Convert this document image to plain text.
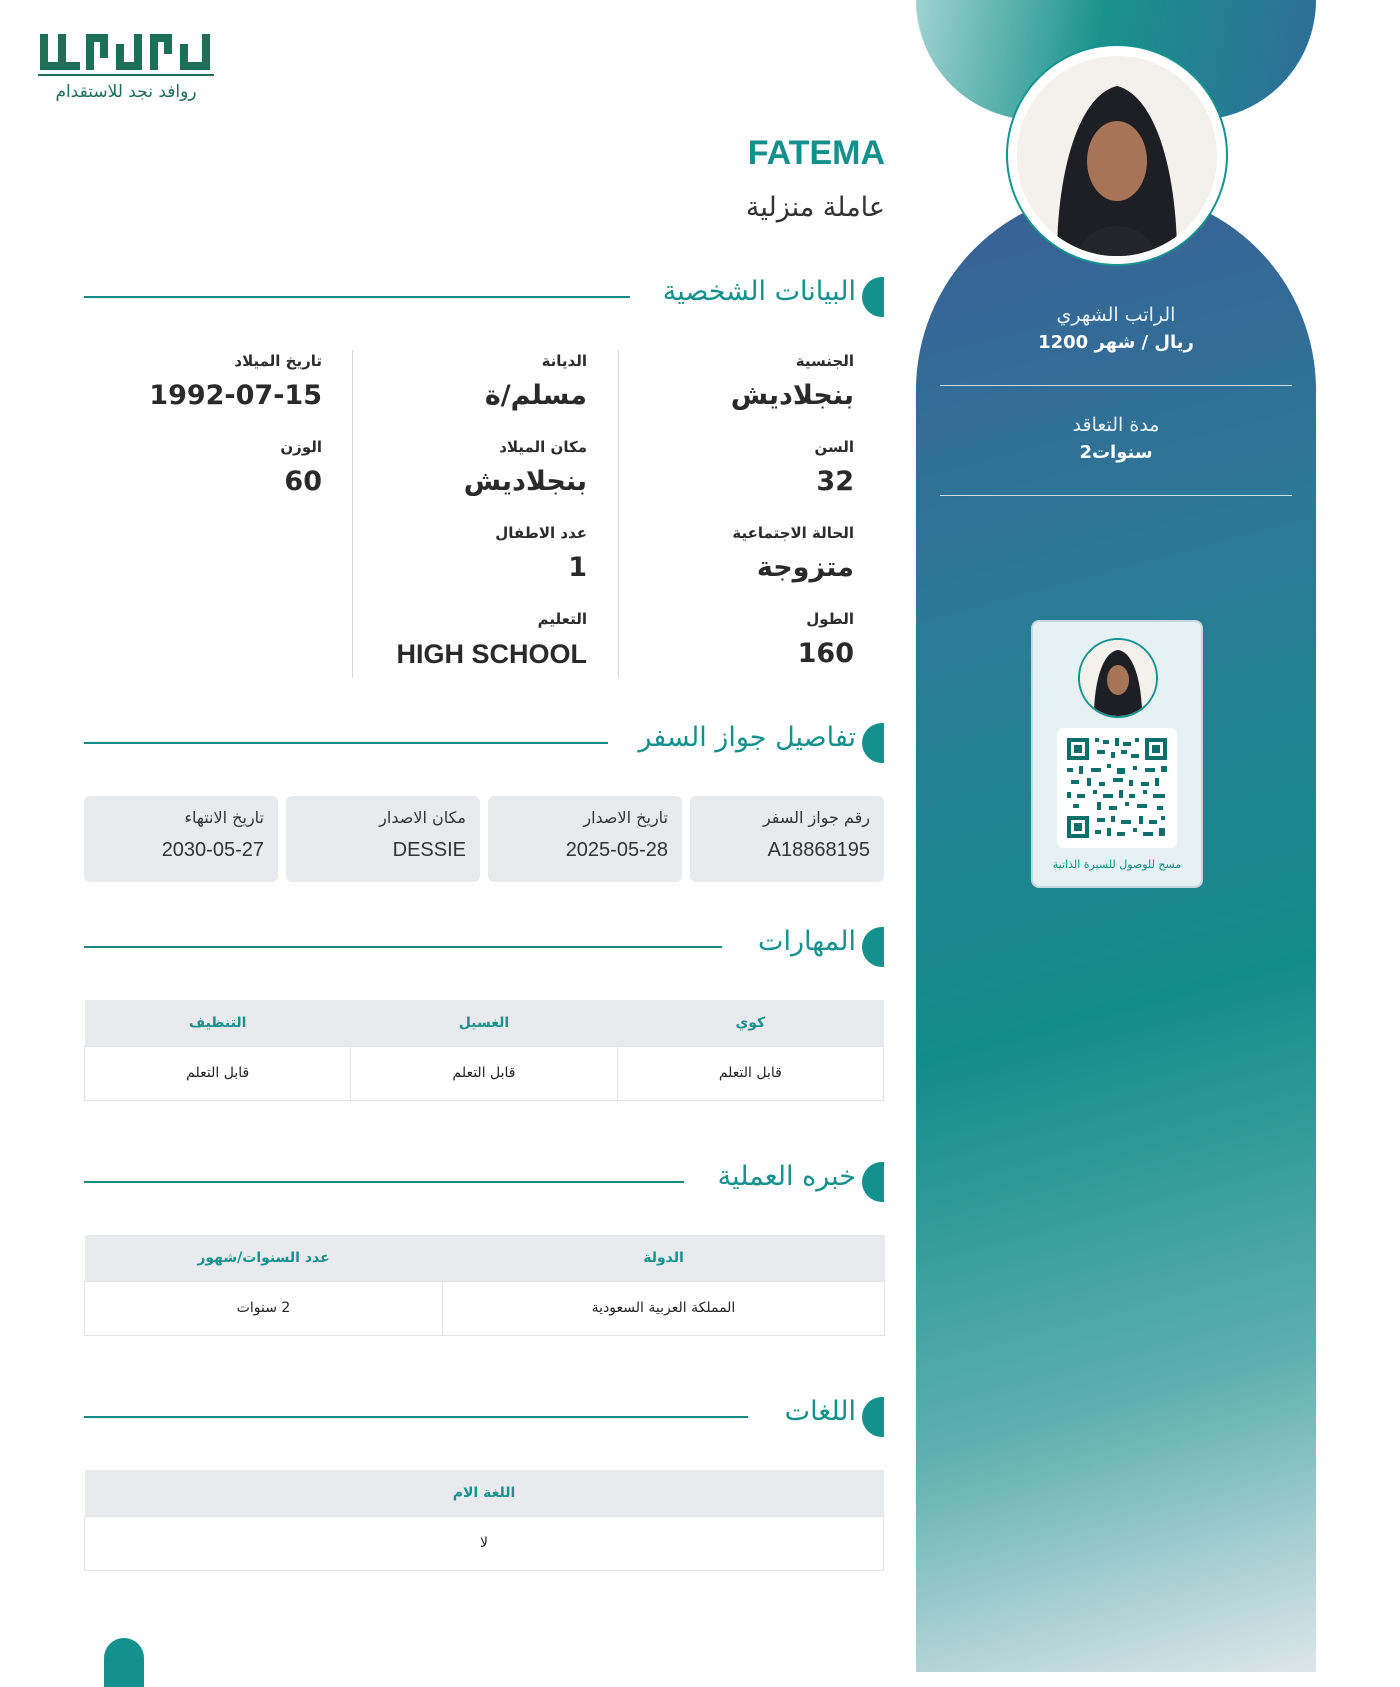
الراتب الشهري
1200 ريال / شهر
مدة التعاقد
2سنوات
مسح للوصول للسيرة الذاتية
روافد نجد للاستقدام
FATEMA
عاملة منزلية
البيانات الشخصية
الجنسية
بنجلاديش
السن
32
الحالة الاجتماعية
متزوجة
الطول
160
الديانة
مسلم/ة
مكان الميلاد
بنجلاديش
عدد الاطفال
1
التعليم
HIGH SCHOOL
تاريخ الميلاد
1992-07-15
الوزن
60
تفاصيل جواز السفر
رقم جواز السفر
A18868195
تاريخ الاصدار
2025-05-28
مكان الاصدار
DESSIE
تاريخ الانتهاء
2030-05-27
المهارات
كوي	الغسيل	التنظيف
قابل التعلم	قابل التعلم	قابل التعلم
خبره العملية
الدولة	عدد السنوات/شهور
المملكة العربية السعودية	2 سنوات
اللغات
اللغة الام
لا
